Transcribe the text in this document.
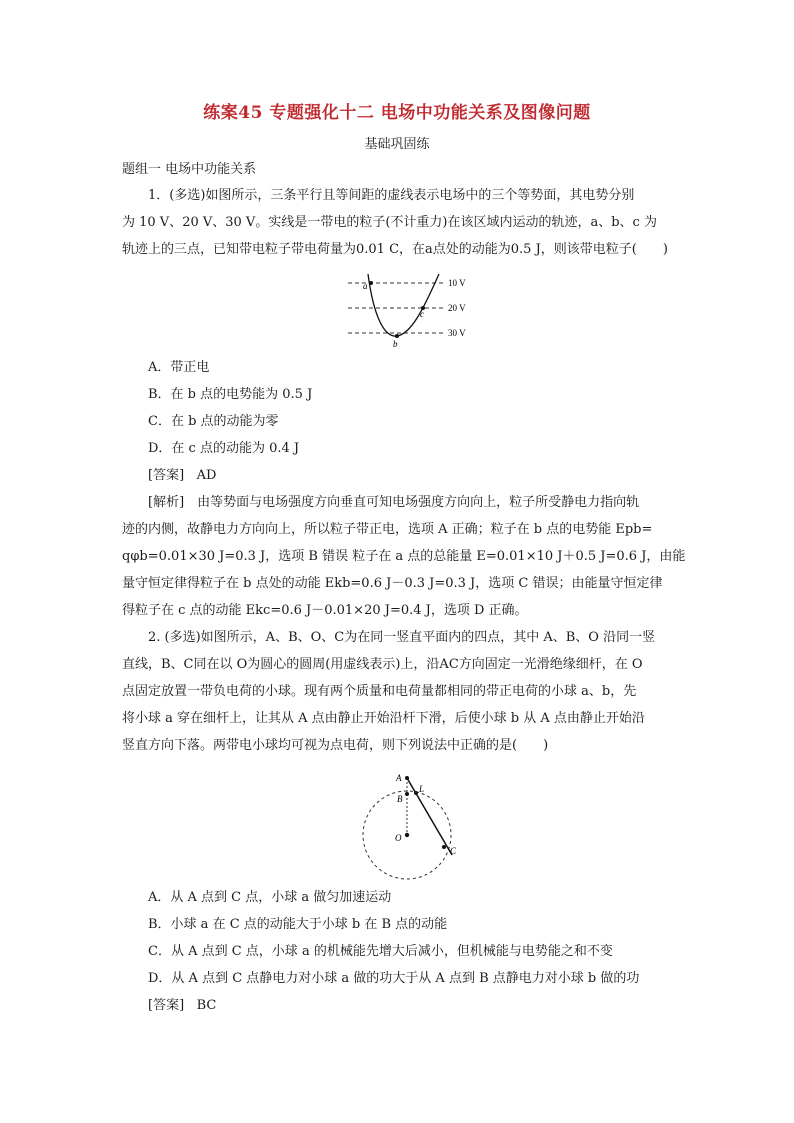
练案45 专题强化十二 电场中功能关系及图像问题
基础巩固练
题组一 电场中功能关系
1．(多选)如图所示，三条平行且等间距的虚线表示电场中的三个等势面，其电势分别
为 10 V、20 V、30 V。实线是一带电的粒子(不计重力)在该区域内运动的轨迹，a、b、c 为
轨迹上的三点，已知带电粒子带电荷量为0.01 C，在a点处的动能为0.5 J，则该带电粒子(　　)
a
b
c
10 V
20 V
30 V
A．带正电
B．在 b 点的电势能为 0.5 J
C．在 b 点的动能为零
D．在 c 点的动能为 0.4 J
[答案] AD
[解析]　由等势面与电场强度方向垂直可知电场强度方向向上，粒子所受静电力指向轨
迹的内侧，故静电力方向向上，所以粒子带正电，选项 A 正确；粒子在 b 点的电势能 Epb=
qφb=0.01×30 J=0.3 J，选项 B 错误 粒子在 a 点的总能量 E=0.01×10 J＋0.5 J=0.6 J，由能
量守恒定律得粒子在 b 点处的动能 Ekb=0.6 J－0.3 J=0.3 J，选项 C 错误；由能量守恒定律
得粒子在 c 点的动能 Ekc=0.6 J－0.01×20 J=0.4 J，选项 D 正确。
2. (多选)如图所示，A、B、O、C为在同一竖直平面内的四点，其中 A、B、O 沿同一竖
直线，B、C同在以 O为圆心的圆周(用虚线表示)上，沿AC方向固定一光滑绝缘细杆，在 O
点固定放置一带负电荷的小球。现有两个质量和电荷量都相同的带正电荷的小球 a、b，先
将小球 a 穿在细杆上，让其从 A 点由静止开始沿杆下滑，后使小球 b 从 A 点由静止开始沿
竖直方向下落。两带电小球均可视为点电荷，则下列说法中正确的是(　　)
A
B
L
O
C
A．从 A 点到 C 点，小球 a 做匀加速运动
B．小球 a 在 C 点的动能大于小球 b 在 B 点的动能
C．从 A 点到 C 点，小球 a 的机械能先增大后减小，但机械能与电势能之和不变
D．从 A 点到 C 点静电力对小球 a 做的功大于从 A 点到 B 点静电力对小球 b 做的功
[答案] BC
